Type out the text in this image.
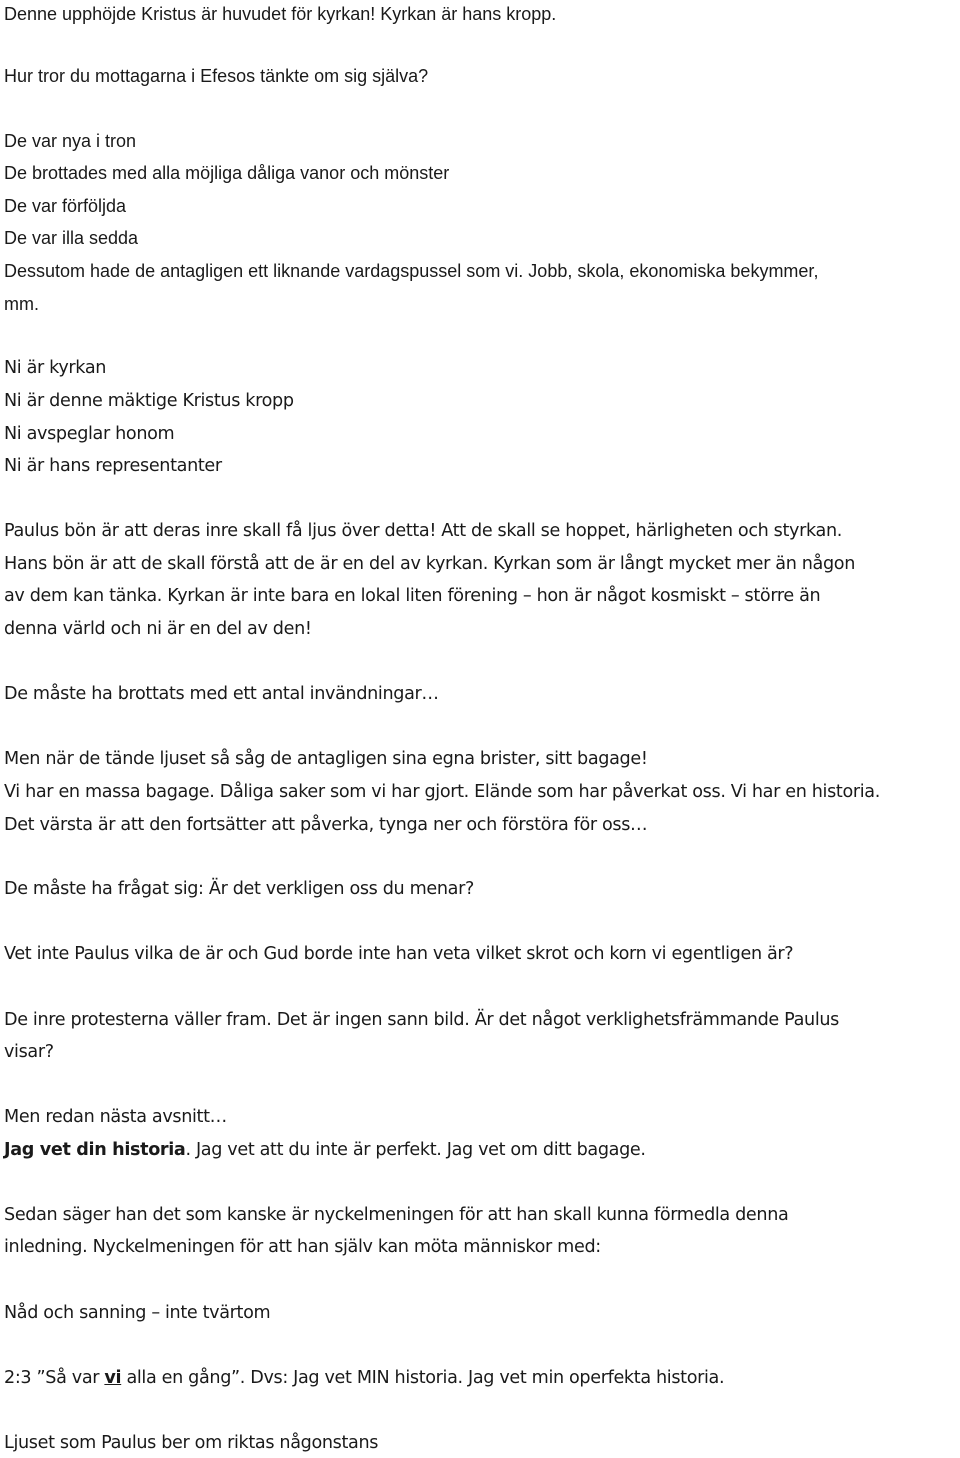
Denne upphöjde Kristus är huvudet för kyrkan! Kyrkan är hans kropp.

Hur tror du mottagarna i Efesos tänkte om sig själva?

De var nya i tron

De brottades med alla möjliga dåliga vanor och mönster

De var förföljda

De var illa sedda

Dessutom hade de antagligen ett liknande vardagspussel som vi. Jobb, skola, ekonomiska bekymmer,

mm.

Ni är kyrkan

Ni är denne mäktige Kristus kropp

Ni avspeglar honom

Ni är hans representanter

Paulus bön är att deras inre skall få ljus över detta! Att de skall se hoppet, härligheten och styrkan.

Hans bön är att de skall förstå att de är en del av kyrkan. Kyrkan som är långt mycket mer än någon

av dem kan tänka. Kyrkan är inte bara en lokal liten förening – hon är något kosmiskt – större än

denna värld och ni är en del av den!

De måste ha brottats med ett antal invändningar…

Men när de tände ljuset så såg de antagligen sina egna brister, sitt bagage!

Vi har en massa bagage. Dåliga saker som vi har gjort. Elände som har påverkat oss. Vi har en historia.

Det värsta är att den fortsätter att påverka, tynga ner och förstöra för oss…

De måste ha frågat sig: Är det verkligen oss du menar?

Vet inte Paulus vilka de är och Gud borde inte han veta vilket skrot och korn vi egentligen är?

De inre protesterna väller fram. Det är ingen sann bild. Är det något verklighetsfrämmande Paulus

visar?

Men redan nästa avsnitt…

Jag vet din historia. Jag vet att du inte är perfekt. Jag vet om ditt bagage.

Sedan säger han det som kanske är nyckelmeningen för att han skall kunna förmedla denna

inledning. Nyckelmeningen för att han själv kan möta människor med:

Nåd och sanning – inte tvärtom

2:3 ”Så var vi alla en gång”. Dvs: Jag vet MIN historia. Jag vet min operfekta historia.

Ljuset som Paulus ber om riktas någonstans
